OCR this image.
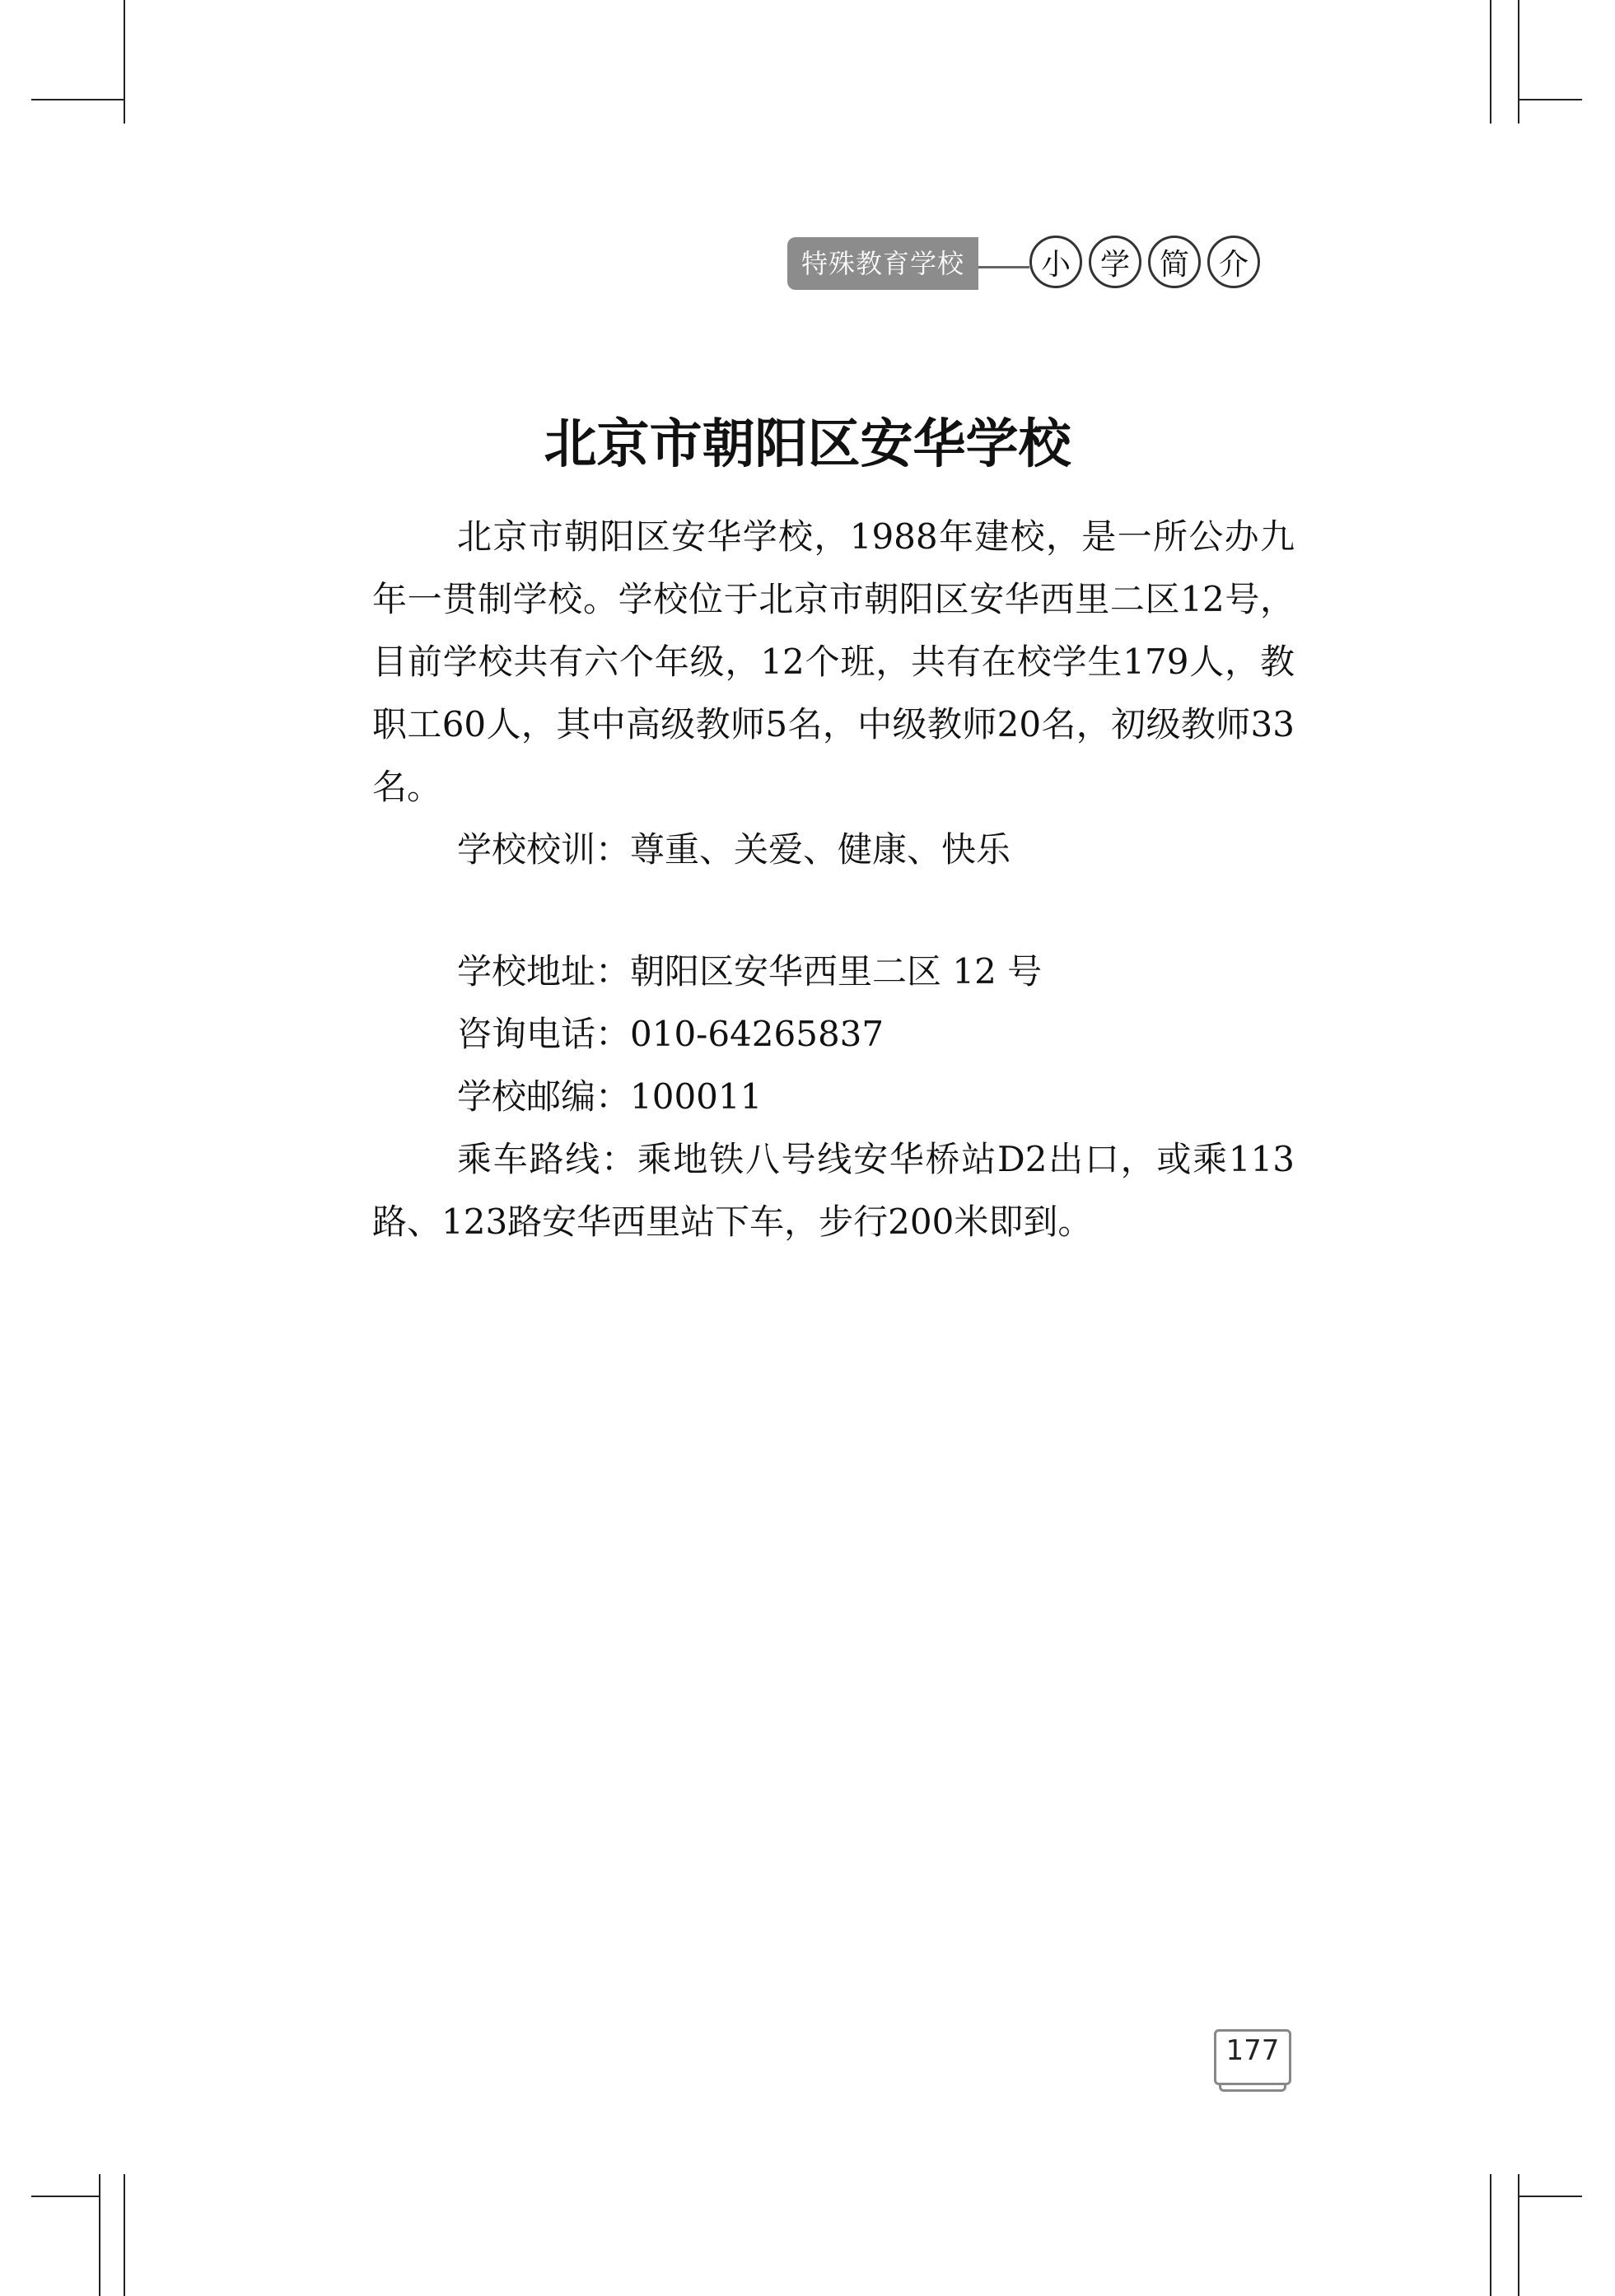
特殊教育学校	小 学 简 介
北京市朝阳区安华学校

北京市朝阳区安华学校，1988年建校，是一所公办九年一贯制学校。学校位于北京市朝阳区安华西里二区12号，目前学校共有六个年级，12个班，共有在校学生179人，教职工60人，其中高级教师5名，中级教师20名，初级教师33名。

学校校训：尊重、关爱、健康、快乐

学校地址：朝阳区安华西里二区 12 号
咨询电话：010-64265837
学校邮编：100011

乘车路线：乘地铁八号线安华桥站D2出口，或乘113路、123路安华西里站下车，步行200米即到。

177
